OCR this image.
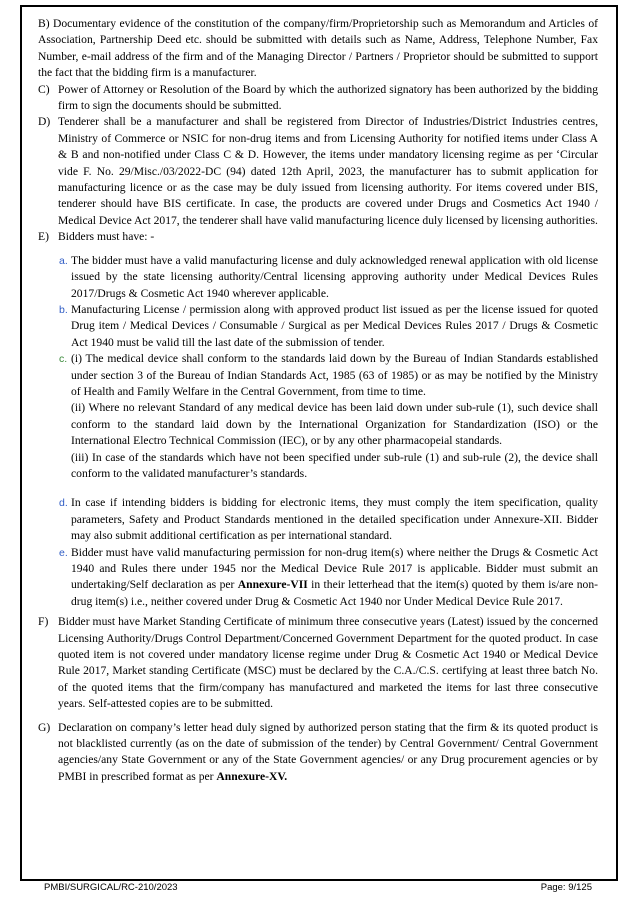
B) Documentary evidence of the constitution of the company/firm/Proprietorship such as Memorandum and Articles of Association, Partnership Deed etc. should be submitted with details such as Name, Address, Telephone Number, Fax Number, e-mail address of the firm and of the Managing Director / Partners / Proprietor should be submitted to support the fact that the bidding firm is a manufacturer.

C) Power of Attorney or Resolution of the Board by which the authorized signatory has been authorized by the bidding firm to sign the documents should be submitted.
D) Tenderer shall be a manufacturer and shall be registered from Director of Industries/District Industries centres, Ministry of Commerce or NSIC for non-drug items and from Licensing Authority for notified items under Class A & B and non-notified under Class C & D. However, the items under mandatory licensing regime as per ‘Circular vide F. No. 29/Misc./03/2022-DC (94) dated 12th April, 2023, the manufacturer has to submit application for manufacturing licence or as the case may be duly issued from licensing authority. For items covered under BIS, tenderer should have BIS certificate. In case, the products are covered under Drugs and Cosmetics Act 1940 / Medical Device Act 2017, the tenderer shall have valid manufacturing licence duly licensed by licensing authorities.
E) Bidders must have: -
a. The bidder must have a valid manufacturing license and duly acknowledged renewal application with old license issued by the state licensing authority/Central licensing approving authority under Medical Devices Rules 2017/Drugs & Cosmetic Act 1940 wherever applicable.
b. Manufacturing License / permission along with approved product list issued as per the license issued for quoted Drug item / Medical Devices / Consumable / Surgical as per Medical Devices Rules 2017 / Drugs & Cosmetic Act 1940 must be valid till the last date of the submission of tender.
c. (i) The medical device shall conform to the standards laid down by the Bureau of Indian Standards established under section 3 of the Bureau of Indian Standards Act, 1985 (63 of 1985) or as may be notified by the Ministry of Health and Family Welfare in the Central Government, from time to time.
(ii) Where no relevant Standard of any medical device has been laid down under sub-rule (1), such device shall conform to the standard laid down by the International Organization for Standardization (ISO) or the International Electro Technical Commission (IEC), or by any other pharmacopeial standards.
(iii) In case of the standards which have not been specified under sub-rule (1) and sub-rule (2), the device shall conform to the validated manufacturer’s standards.
d. In case if intending bidders is bidding for electronic items, they must comply the item specification, quality parameters, Safety and Product Standards mentioned in the detailed specification under Annexure-XII. Bidder may also submit additional certification as per international standard.
e. Bidder must have valid manufacturing permission for non-drug item(s) where neither the Drugs & Cosmetic Act 1940 and Rules there under 1945 nor the Medical Device Rule 2017 is applicable. Bidder must submit an undertaking/Self declaration as per Annexure-VII in their letterhead that the item(s) quoted by them is/are non-drug item(s) i.e., neither covered under Drug & Cosmetic Act 1940 nor Under Medical Device Rule 2017.
F) Bidder must have Market Standing Certificate of minimum three consecutive years (Latest) issued by the concerned Licensing Authority/Drugs Control Department/Concerned Government Department for the quoted product. In case quoted item is not covered under mandatory license regime under Drug & Cosmetic Act 1940 or Medical Device Rule 2017, Market standing Certificate (MSC) must be declared by the C.A./C.S. certifying at least three batch No. of the quoted items that the firm/company has manufactured and marketed the items for last three consecutive years. Self-attested copies are to be submitted.
G) Declaration on company’s letter head duly signed by authorized person stating that the firm & its quoted product is not blacklisted currently (as on the date of submission of the tender) by Central Government/ Central Government agencies/any State Government or any of the State Government agencies/ or any Drug procurement agencies or by PMBI in prescribed format as per Annexure-XV.
PMBI/SURGICAL/RC-210/2023	Page: 9/125
